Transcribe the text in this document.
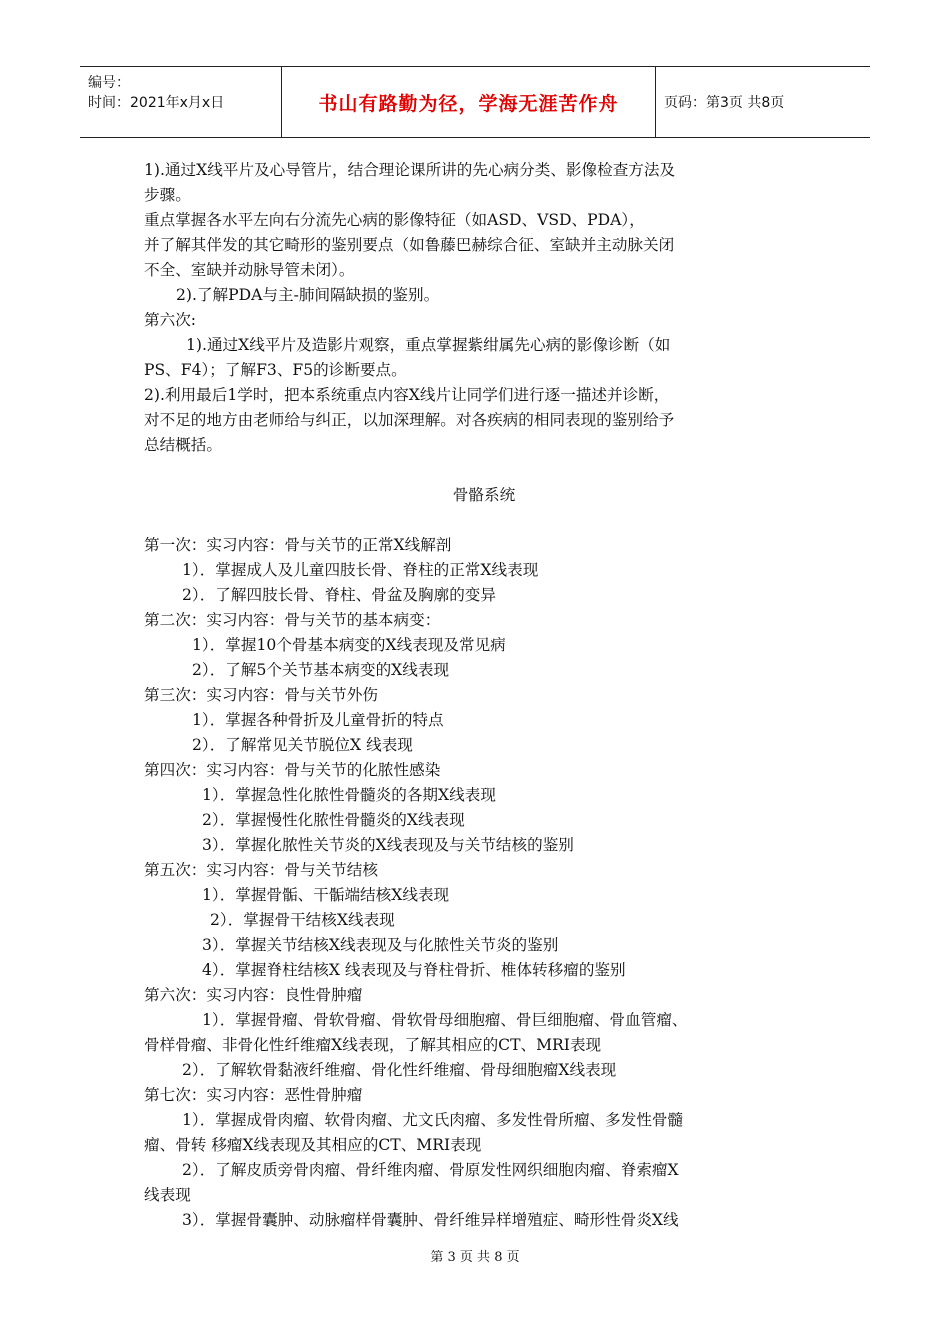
编号：
时间：2021年x月x日	书山有路勤为径，学海无涯苦作舟	页码：第3页 共8页
1).通过X线平片及心导管片，结合理论课所讲的先心病分类、影像检查方法及
步骤。
重点掌握各水平左向右分流先心病的影像特征（如ASD、VSD、PDA），
并了解其伴发的其它畸形的鉴别要点（如鲁藤巴赫综合征、室缺并主动脉关闭
不全、室缺并动脉导管未闭）。
2).了解PDA与主-肺间隔缺损的鉴别。
第六次:
1).通过X线平片及造影片观察，重点掌握紫绀属先心病的影像诊断（如
PS、F4）；了解F3、F5的诊断要点。
2).利用最后1学时，把本系统重点内容X线片让同学们进行逐一描述并诊断，
对不足的地方由老师给与纠正，以加深理解。对各疾病的相同表现的鉴别给予
总结概括。
骨骼系统
第一次：实习内容：骨与关节的正常X线解剖
1）．掌握成人及儿童四肢长骨、脊柱的正常X线表现
2）．了解四肢长骨、脊柱、骨盆及胸廓的变异
第二次：实习内容：骨与关节的基本病变：
1）．掌握10个骨基本病变的X线表现及常见病
2）．了解5个关节基本病变的X线表现
第三次：实习内容：骨与关节外伤
1）．掌握各种骨折及儿童骨折的特点
2）．了解常见关节脱位X 线表现
第四次：实习内容：骨与关节的化脓性感染
1）．掌握急性化脓性骨髓炎的各期X线表现
2）．掌握慢性化脓性骨髓炎的X线表现
3）．掌握化脓性关节炎的X线表现及与关节结核的鉴别
第五次：实习内容：骨与关节结核
1）．掌握骨骺、干骺端结核X线表现
2）．掌握骨干结核X线表现
3）．掌握关节结核X线表现及与化脓性关节炎的鉴别
4）．掌握脊柱结核X 线表现及与脊柱骨折、椎体转移瘤的鉴别
第六次：实习内容：良性骨肿瘤
1）．掌握骨瘤、骨软骨瘤、骨软骨母细胞瘤、骨巨细胞瘤、骨血管瘤、
骨样骨瘤、非骨化性纤维瘤X线表现，了解其相应的CT、MRI表现
2）．了解软骨黏液纤维瘤、骨化性纤维瘤、骨母细胞瘤X线表现
第七次：实习内容：恶性骨肿瘤
1）．掌握成骨肉瘤、软骨肉瘤、尤文氏肉瘤、多发性骨所瘤、多发性骨髓
瘤、骨转 移瘤X线表现及其相应的CT、MRI表现
2）．了解皮质旁骨肉瘤、骨纤维肉瘤、骨原发性网织细胞肉瘤、脊索瘤X
线表现
3）．掌握骨囊肿、动脉瘤样骨囊肿、骨纤维异样增殖症、畸形性骨炎X线
第 3 页 共 8 页
